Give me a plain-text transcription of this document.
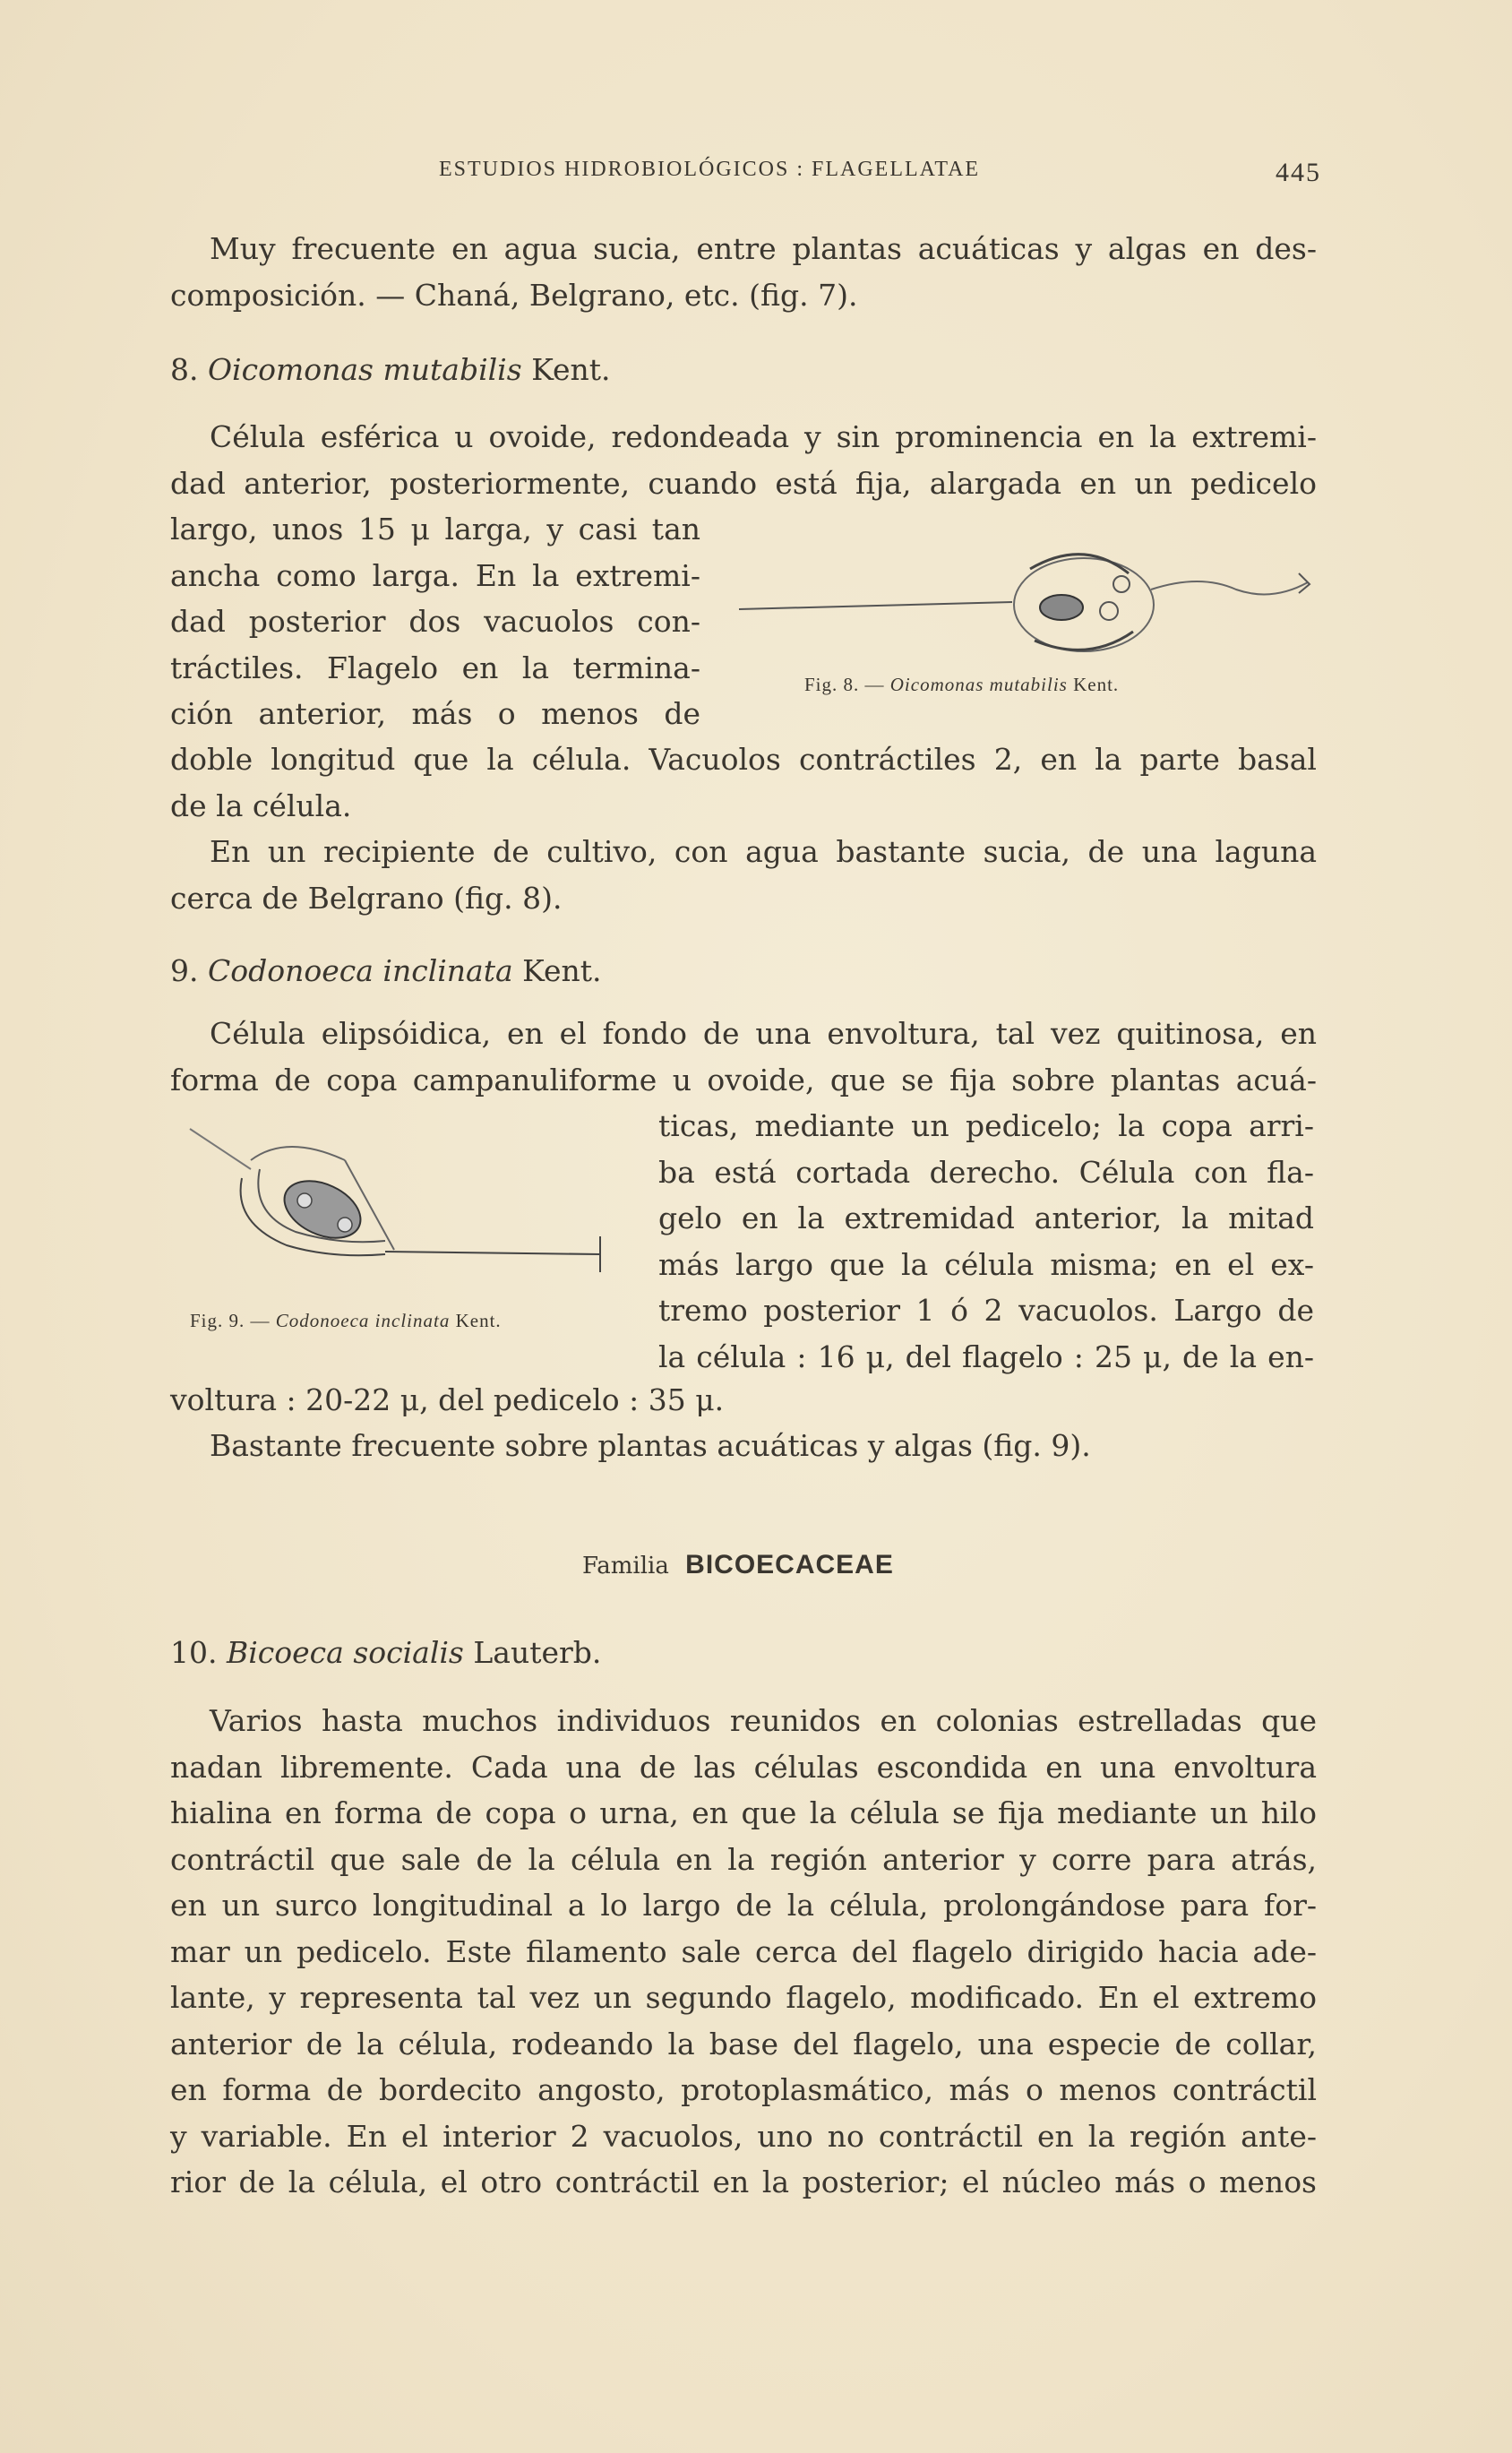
ESTUDIOS HIDROBIOLÓGICOS : FLAGELLATAE	445
Muy frecuente en agua sucia, entre plantas acuáticas y algas en des-
composición. — Chaná, Belgrano, etc. (fig. 7).
8. Oicomonas mutabilis Kent.
Célula esférica u ovoide, redondeada y sin prominencia en la extremi-
dad anterior, posteriormente, cuando está fija, alargada en un pedicelo
largo, unos 15 μ larga, y casi tan
ancha como larga. En la extremi-
dad posterior dos vacuolos con-
tráctiles. Flagelo en la termina-
ción anterior, más o menos de
doble longitud que la célula. Vacuolos contráctiles 2, en la parte basal
de la célula.
Fig. 8. — Oicomonas mutabilis Kent.
En un recipiente de cultivo, con agua bastante sucia, de una laguna
cerca de Belgrano (fig. 8).
9. Codonoeca inclinata Kent.
Célula elipsóidica, en el fondo de una envoltura, tal vez quitinosa, en
forma de copa campanuliforme u ovoide, que se fija sobre plantas acuá-
ticas, mediante un pedicelo; la copa arri-
ba está cortada derecho. Célula con fla-
gelo en la extremidad anterior, la mitad
más largo que la célula misma; en el ex-
tremo posterior 1 ó 2 vacuolos. Largo de
la célula : 16 μ, del flagelo : 25 μ, de la en-
Fig. 9. — Codonoeca inclinata Kent.
voltura : 20-22 μ, del pedicelo : 35 μ.
Bastante frecuente sobre plantas acuáticas y algas (fig. 9).
Familia BICOECACEAE
10. Bicoeca socialis Lauterb.
Varios hasta muchos individuos reunidos en colonias estrelladas que
nadan libremente. Cada una de las células escondida en una envoltura
hialina en forma de copa o urna, en que la célula se fija mediante un hilo
contráctil que sale de la célula en la región anterior y corre para atrás,
en un surco longitudinal a lo largo de la célula, prolongándose para for-
mar un pedicelo. Este filamento sale cerca del flagelo dirigido hacia ade-
lante, y representa tal vez un segundo flagelo, modificado. En el extremo
anterior de la célula, rodeando la base del flagelo, una especie de collar,
en forma de bordecito angosto, protoplasmático, más o menos contráctil
y variable. En el interior 2 vacuolos, uno no contráctil en la región ante-
rior de la célula, el otro contráctil en la posterior; el núcleo más o menos
